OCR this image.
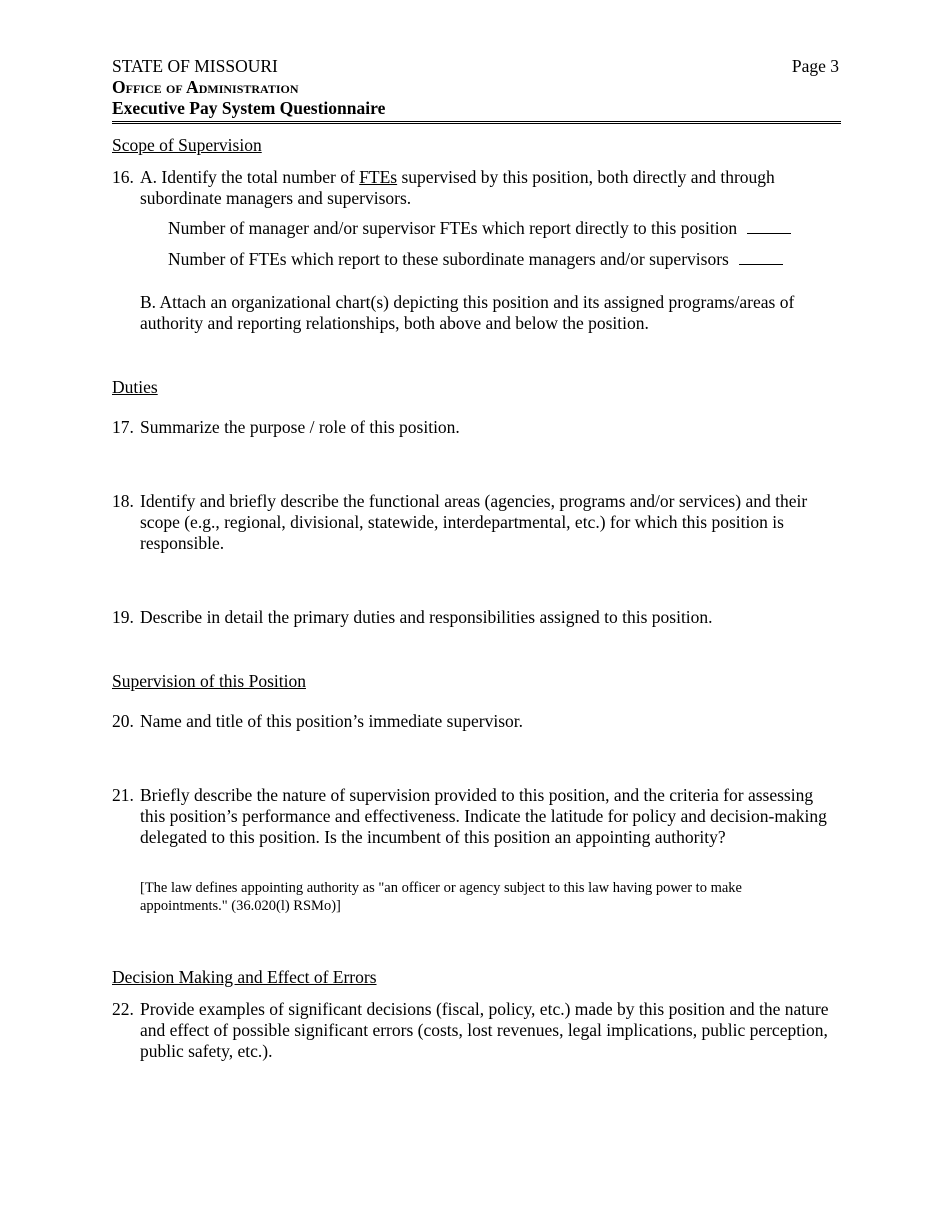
STATE OF MISSOURI
Office of Administration
Executive Pay System Questionnaire
Page 3
Scope of Supervision
16. A. Identify the total number of FTEs supervised by this position, both directly and through subordinate managers and supervisors.
Number of manager and/or supervisor FTEs which report directly to this position
Number of FTEs which report to these subordinate managers and/or supervisors
B. Attach an organizational chart(s) depicting this position and its assigned programs/areas of authority and reporting relationships, both above and below the position.
Duties
17. Summarize the purpose / role of this position.
18. Identify and briefly describe the functional areas (agencies, programs and/or services) and their scope (e.g., regional, divisional, statewide, interdepartmental, etc.) for which this position is responsible.
19. Describe in detail the primary duties and responsibilities assigned to this position.
Supervision of this Position
20. Name and title of this position’s immediate supervisor.
21. Briefly describe the nature of supervision provided to this position, and the criteria for assessing this position’s performance and effectiveness. Indicate the latitude for policy and decision-making delegated to this position. Is the incumbent of this position an appointing authority?
[The law defines appointing authority as "an officer or agency subject to this law having power to make appointments." (36.020(l) RSMo)]
Decision Making and Effect of Errors
22. Provide examples of significant decisions (fiscal, policy, etc.) made by this position and the nature and effect of possible significant errors (costs, lost revenues, legal implications, public perception, public safety, etc.).
